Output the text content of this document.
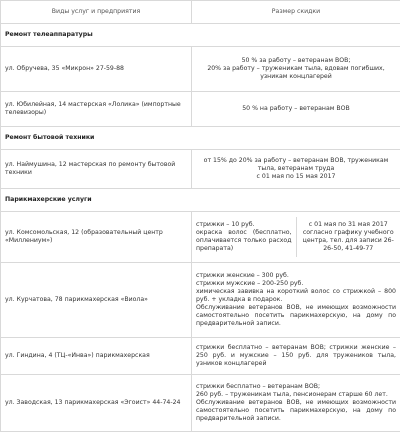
Виды услуг и предприятия	Размер скидки
Ремонт телеаппаратуры	
ул. Обручева, 35 «Микрон» 27-59-88	50 % за работу – ветеранам ВОВ;
20% за работу – труженикам тыла, вдовам погибших, узникам концлагерей

ул. Юбилейная, 14 мастерская «Лолика» (импортные телевизоры)	50 % на работу – ветеранам ВОВ
Ремонт бытовой техники	
ул. Наймушина, 12 мастерская по ремонту бытовой техники	от 15% до 20% за работу – ветеранам ВОВ, труженикам тыла, ветеранам труда
с 01 мая по 15 мая 2017

Парикмахерские услуги	
ул. Комсомольская, 12 (образовательный центр «Миллениум»)	стрижки – 10 руб.
окраска волос (бесплатно, оплачивается только расход препарата)
с 01 мая по 31 мая 2017 согласно графику учебного центра, тел. для записи 26-26-50, 41-49-77

ул. Курчатова, 78 парикмахерская «Виола»	стрижки женские – 300 руб.
стрижки мужские – 200-250 руб.
химическая завивка на короткий волос со стрижкой – 800 руб. + укладка в подарок.
Обслуживание ветеранов ВОВ, не имеющих возможности самостоятельно посетить парикмахерскую, на дому по предварительной записи.

ул. Гиндина, 4 (ТЦ-«Инва») парикмахерская	стрижки бесплатно – ветеранам ВОВ; стрижки женские – 250 руб. и мужские – 150 руб. для тружеников тыла, узников концлагерей
ул. Заводская, 13 парикмахерская «Эгоист» 44-74-24	стрижки бесплатно – ветеранам ВОВ;
260 руб. – труженикам тыла, пенсионерам старше 60 лет.
Обслуживание ветеранов ВОВ, не имеющих возможности самостоятельно посетить парикмахерскую, на дому по предварительной записи.
